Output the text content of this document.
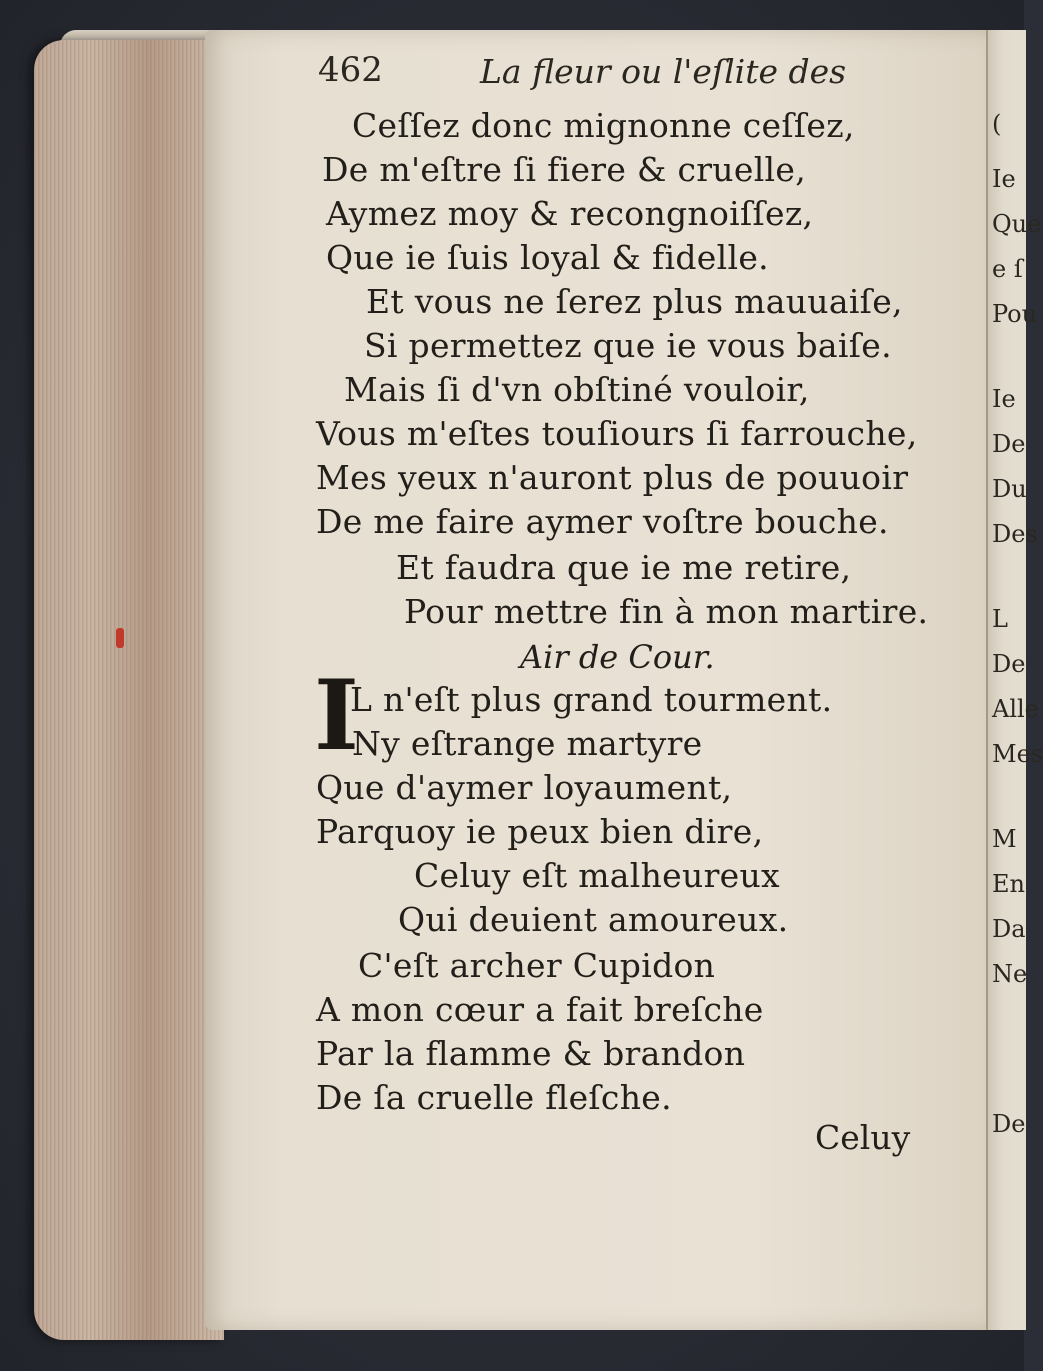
(
Ie
Que
e ſ
Pou
Ie
De
Du
Des
L
De
Alle
Mes
M
En
Da
Ne
De
462	La fleur ou l'eſlite des
Ceſſez donc mignonne ceſſez,
De m'eſtre ſi fiere & cruelle,
Aymez moy & recongnoiſſez,
Que ie ſuis loyal & fidelle.
Et vous ne ſerez plus mauuaiſe,
Si permettez que ie vous baiſe.
Mais ſi d'vn obſtiné vouloir,
Vous m'eſtes touſiours ſi farrouche,
Mes yeux n'auront plus de pouuoir
De me faire aymer voſtre bouche.
Et faudra que ie me retire,
Pour mettre fin à mon martire.
Air de Cour.
I
L n'eſt plus grand tourment.
Ny eſtrange martyre
Que d'aymer loyaument,
Parquoy ie peux bien dire,
Celuy eſt malheureux
Qui deuient amoureux.
C'eſt archer Cupidon
A mon cœur a fait breſche
Par la flamme & brandon
De ſa cruelle fleſche.
Celuy
